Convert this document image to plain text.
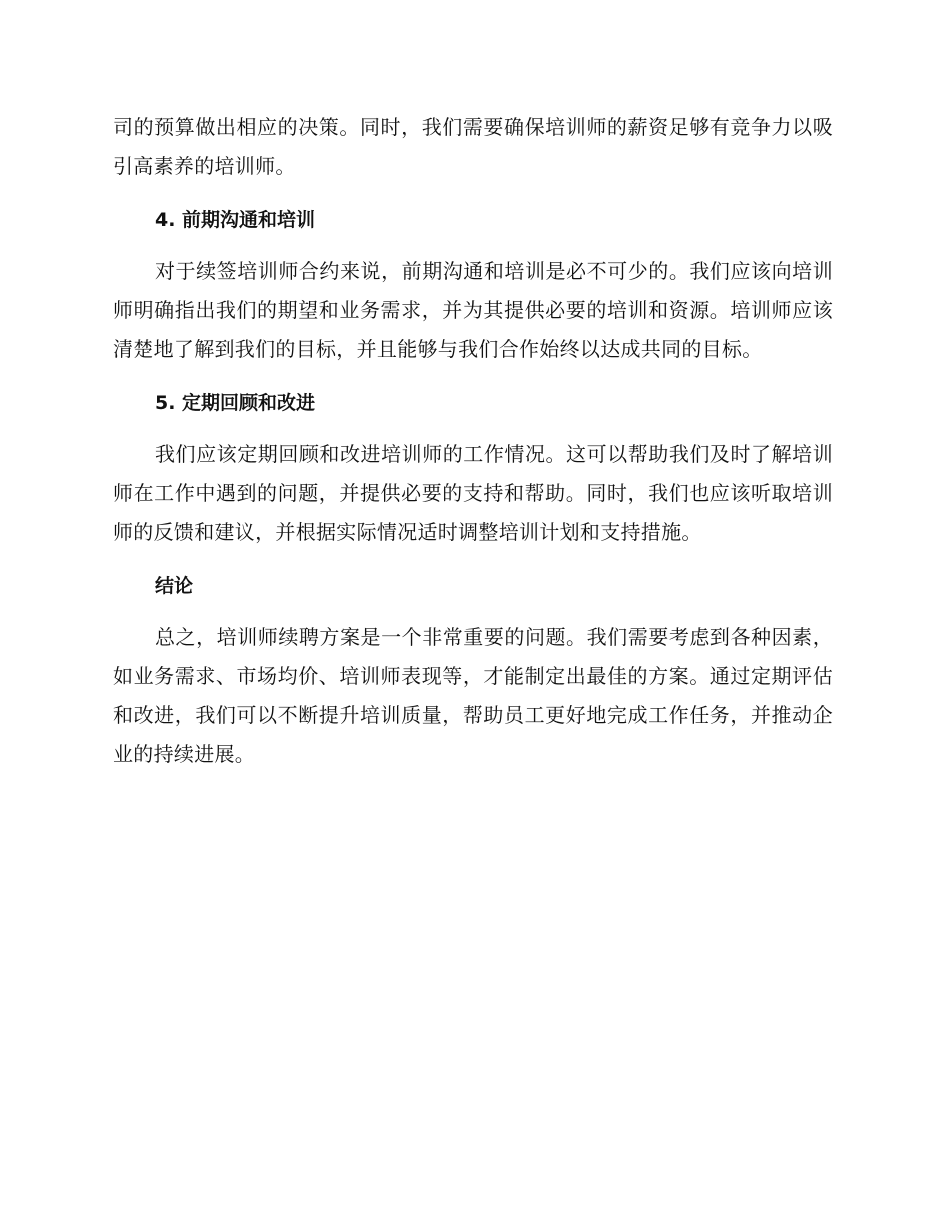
司的预算做出相应的决策。同时，我们需要确保培训师的薪资足够有竞争力以吸引高素养的培训师。

4. 前期沟通和培训

对于续签培训师合约来说，前期沟通和培训是必不可少的。我们应该向培训师明确指出我们的期望和业务需求，并为其提供必要的培训和资源。培训师应该清楚地了解到我们的目标，并且能够与我们合作始终以达成共同的目标。

5. 定期回顾和改进

我们应该定期回顾和改进培训师的工作情况。这可以帮助我们及时了解培训师在工作中遇到的问题，并提供必要的支持和帮助。同时，我们也应该听取培训师的反馈和建议，并根据实际情况适时调整培训计划和支持措施。

结论

总之，培训师续聘方案是一个非常重要的问题。我们需要考虑到各种因素，如业务需求、市场均价、培训师表现等，才能制定出最佳的方案。通过定期评估和改进，我们可以不断提升培训质量，帮助员工更好地完成工作任务，并推动企业的持续进展。
